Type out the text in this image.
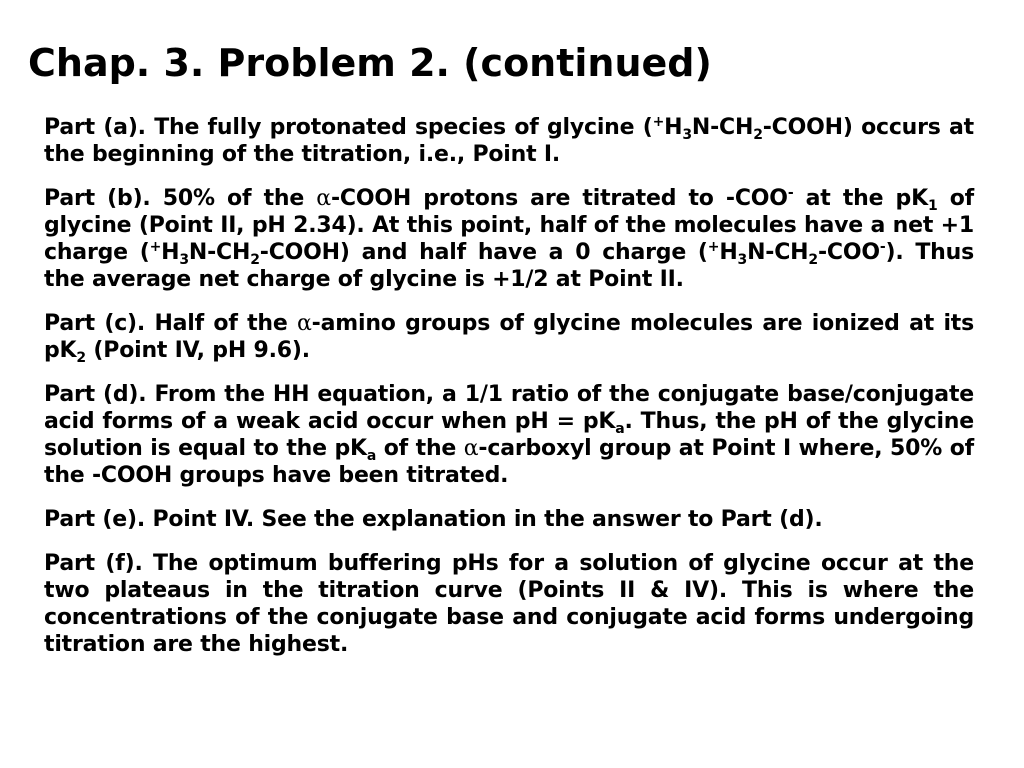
Chap. 3. Problem 2. (continued)

Part (a). The fully protonated species of glycine $(^+H_3N-CH_2-COOH)$ occurs at the beginning of the titration, i.e., Point I.

Part (b). 50% of the α-COOH protons are titrated to -COO- at the $pK_1$ of glycine (Point II, pH 2.34). At this point, half of the molecules have a net +1 charge $(^+H_3N-CH_2-COOH)$ and half have a 0 charge $(^+H_3N-CH_2-COO^-)$. Thus the average net charge of glycine is +1/2 at Point II.

Part (c). Half of the α-amino groups of glycine molecules are ionized at its $pK_2$ (Point IV, pH 9.6).

Part (d). From the HH equation, a 1/1 ratio of the conjugate base/conjugate acid forms of a weak acid occur when pH = $pK_a$. Thus, the pH of the glycine solution is equal to the $pK_a$ of the α-carboxyl group at Point I where, 50% of the -COOH groups have been titrated.

Part (e). Point IV. See the explanation in the answer to Part (d).

Part (f). The optimum buffering pHs for a solution of glycine occur at the two plateaus in the titration curve (Points II & IV). This is where the concentrations of the conjugate base and conjugate acid forms undergoing titration are the highest.
